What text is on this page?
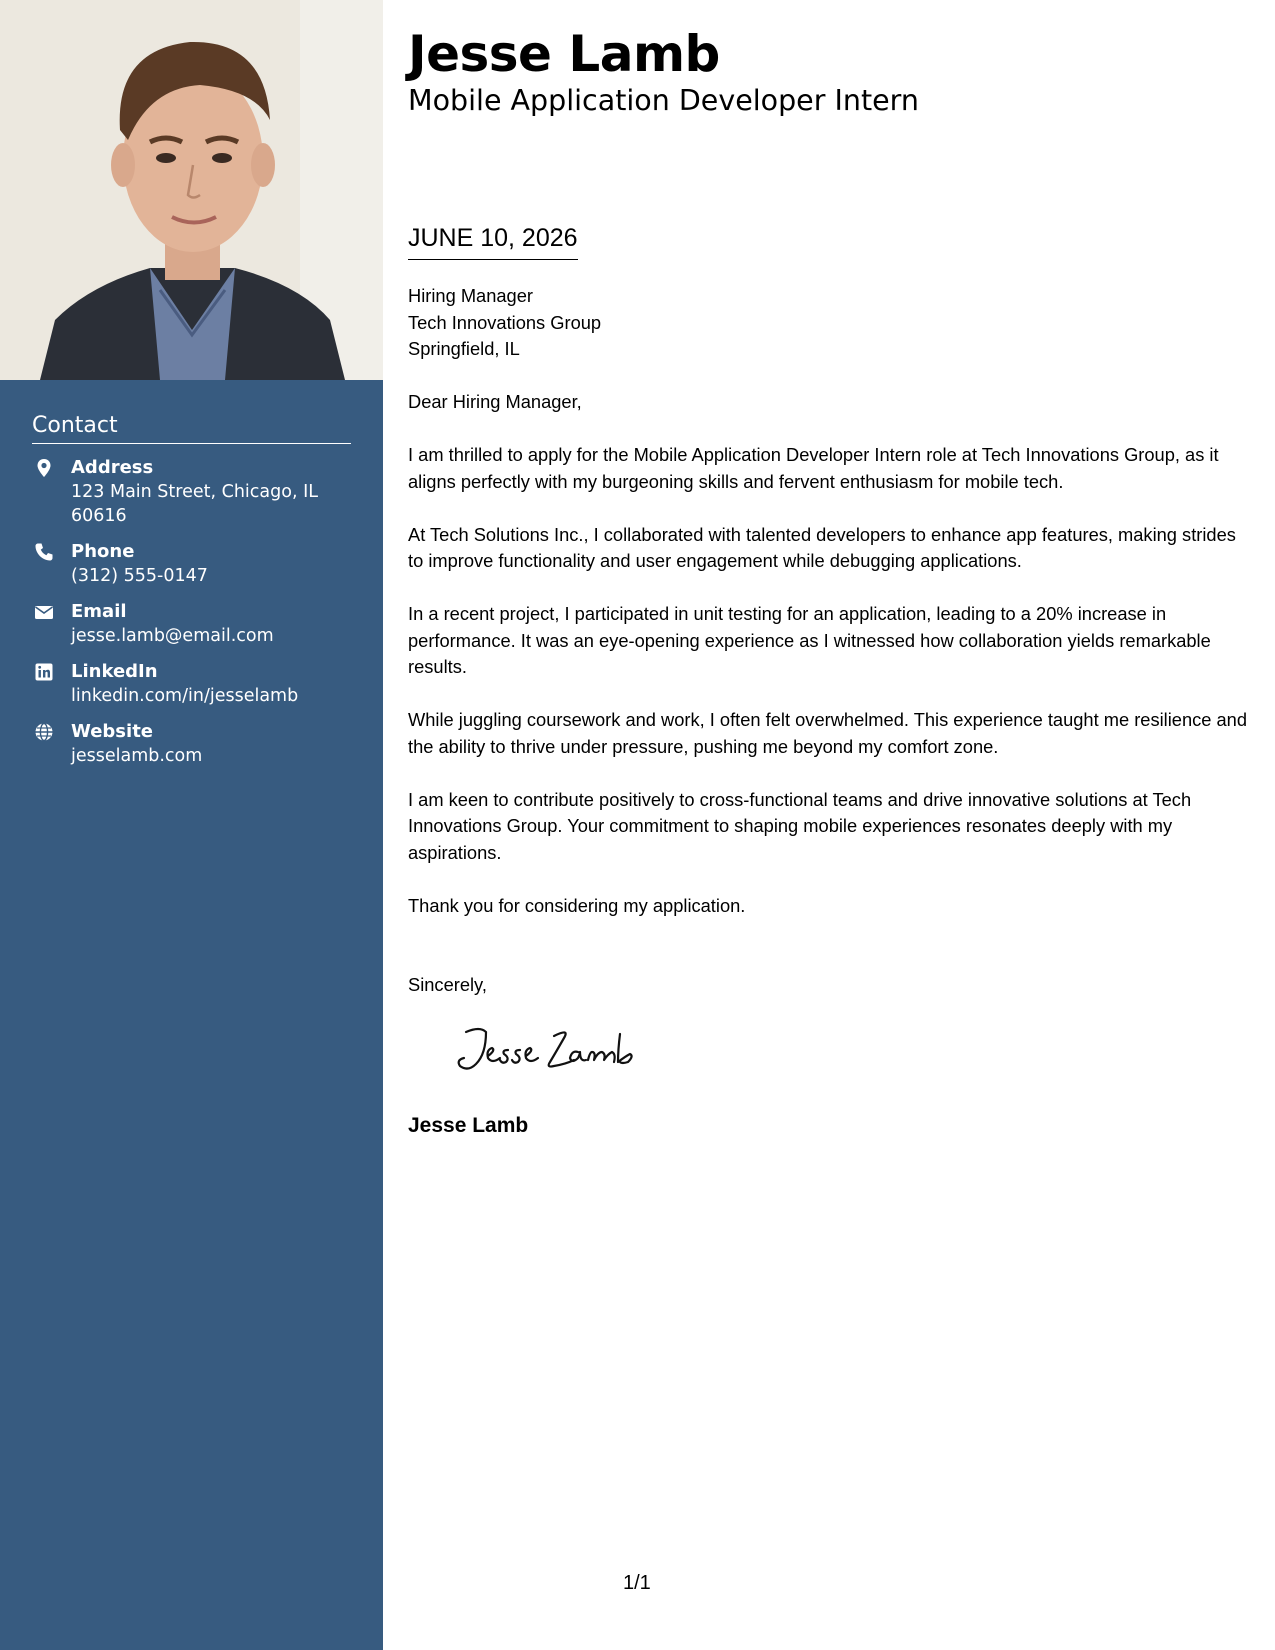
Contact
Address
123 Main Street, Chicago, IL 60616
Phone
(312) 555-0147
Email
jesse.lamb@email.com
LinkedIn
linkedin.com/in/jesselamb
Website
jesselamb.com
Jesse Lamb
Mobile Application Developer Intern
JUNE 10, 2026
Hiring Manager
Tech Innovations Group
Springfield, IL

Dear Hiring Manager,

I am thrilled to apply for the Mobile Application Developer Intern role at Tech Innovations Group, as it aligns perfectly with my burgeoning skills and fervent enthusiasm for mobile tech.

At Tech Solutions Inc., I collaborated with talented developers to enhance app features, making strides to improve functionality and user engagement while debugging applications.

In a recent project, I participated in unit testing for an application, leading to a 20% increase in performance. It was an eye-opening experience as I witnessed how collaboration yields remarkable results.

While juggling coursework and work, I often felt overwhelmed. This experience taught me resilience and the ability to thrive under pressure, pushing me beyond my comfort zone.

I am keen to contribute positively to cross-functional teams and drive innovative solutions at Tech Innovations Group. Your commitment to shaping mobile experiences resonates deeply with my aspirations.

Thank you for considering my application.

Sincerely,

Jesse Lamb
1/1
